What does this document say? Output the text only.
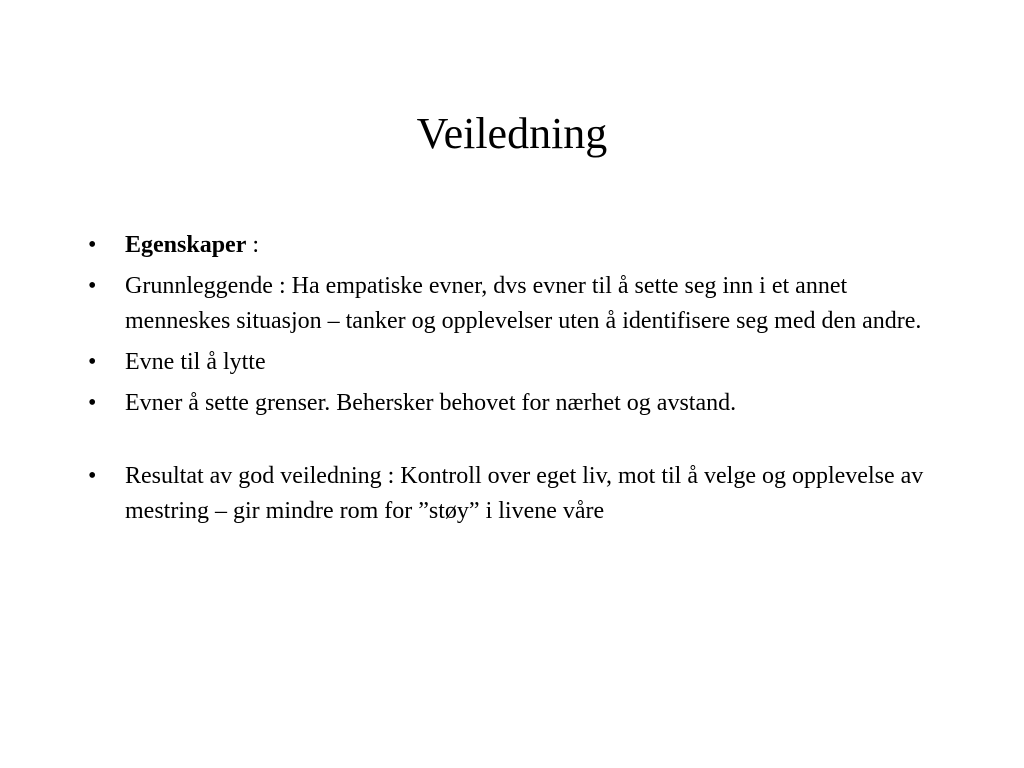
Veiledning
• Egenskaper :
• Grunnleggende : Ha empatiske evner, dvs evner til å sette seg inn i et annet menneskes situasjon – tanker og opplevelser uten å identifisere seg med den andre.
• Evne til å lytte
• Evner å sette grenser. Behersker behovet for nærhet og avstand.
• Resultat av god veiledning : Kontroll over eget liv, mot til å velge og opplevelse av mestring – gir mindre rom for ”støy” i livene våre
